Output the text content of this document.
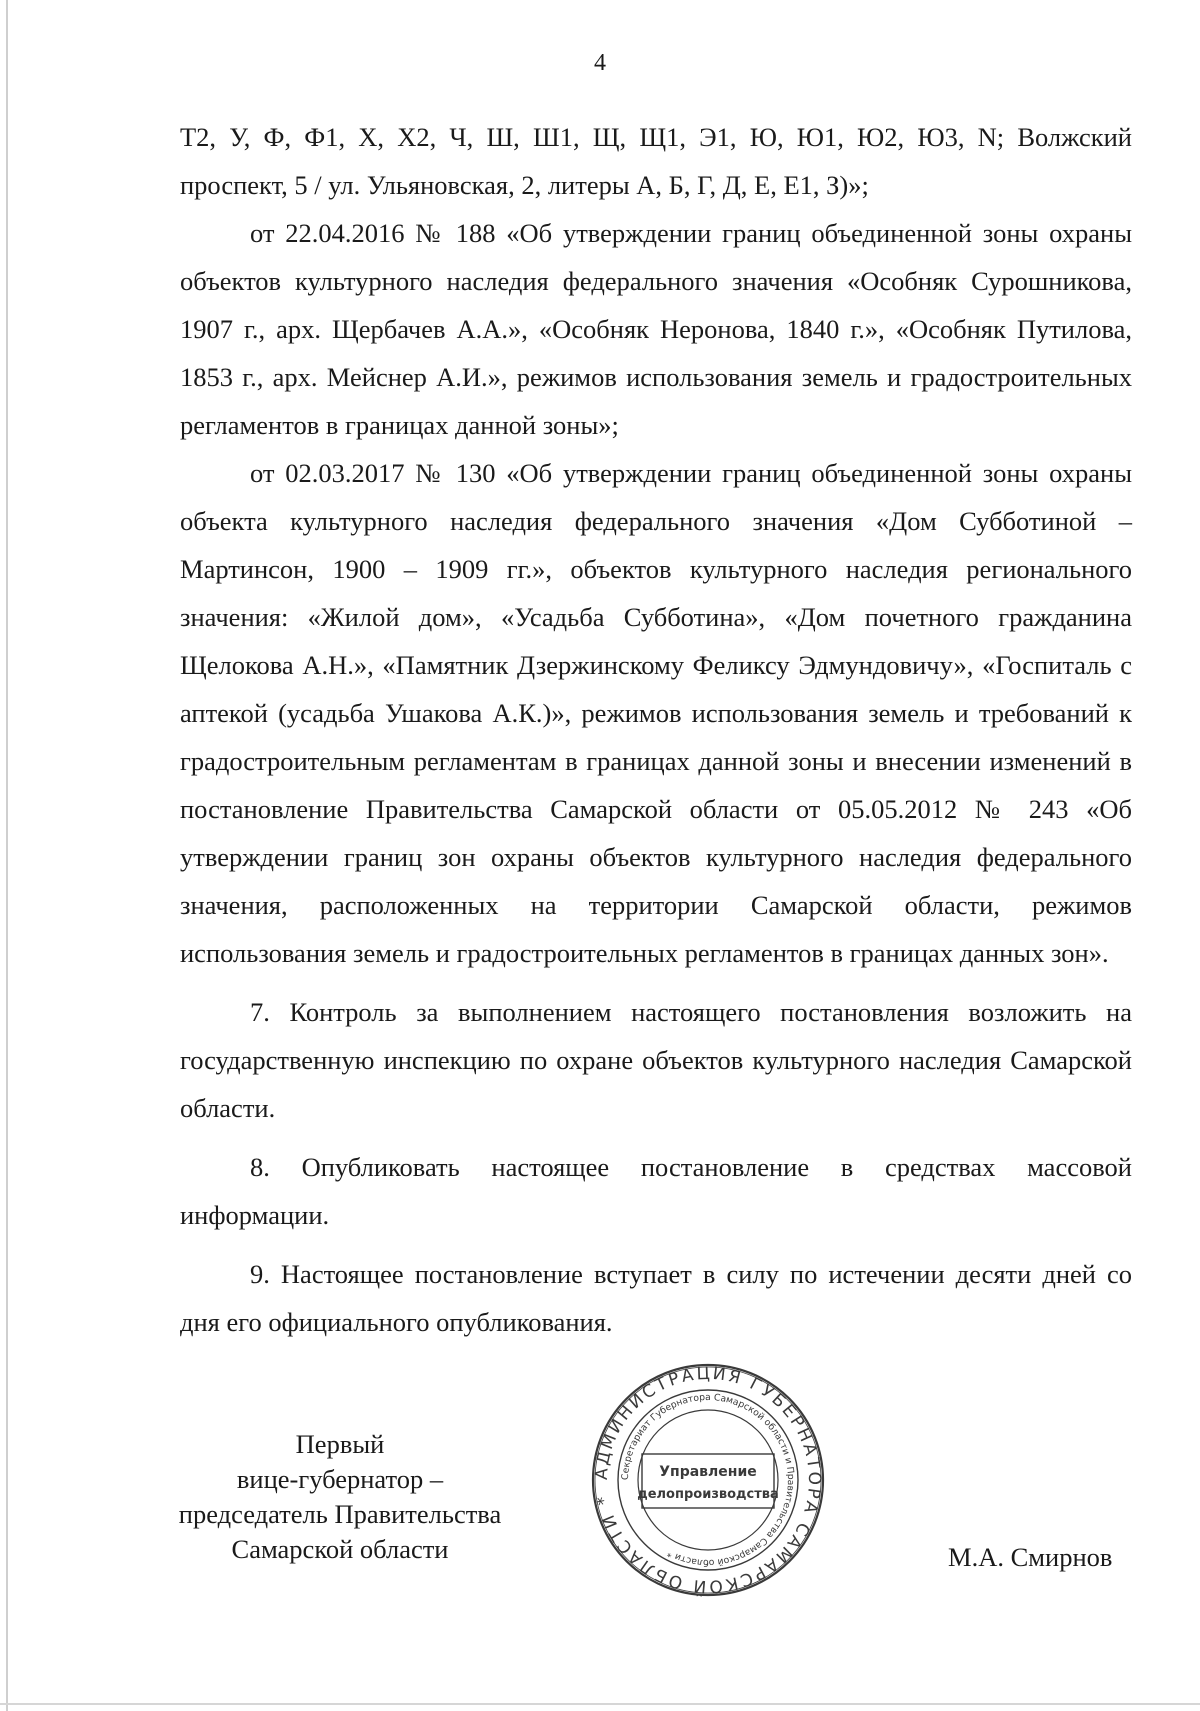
4

Т2, У, Ф, Ф1, Х, Х2, Ч, Ш, Ш1, Щ, Щ1, Э1, Ю, Ю1, Ю2, Ю3, N; Волжский проспект, 5 / ул. Ульяновская, 2, литеры А, Б, Г, Д, Е, Е1, З)»;

от 22.04.2016 № 188 «Об утверждении границ объединенной зоны охраны объектов культурного наследия федерального значения «Особняк Сурошникова, 1907 г., арх. Щербачев А.А.», «Особняк Неронова, 1840 г.», «Особняк Путилова, 1853 г., арх. Мейснер А.И.», режимов использования земель и градостроительных регламентов в границах данной зоны»;

от 02.03.2017 № 130 «Об утверждении границ объединенной зоны охраны объекта культурного наследия федерального значения «Дом Субботиной – Мартинсон, 1900 – 1909 гг.», объектов культурного наследия регионального значения: «Жилой дом», «Усадьба Субботина», «Дом почетного гражданина Щелокова А.Н.», «Памятник Дзержинскому Феликсу Эдмундовичу», «Госпиталь с аптекой (усадьба Ушакова А.К.)», режимов использования земель и требований к градостроительным регламентам в границах данной зоны и внесении изменений в постановление Правительства Самарской области от 05.05.2012 № 243 «Об утверждении границ зон охраны объектов культурного наследия федерального значения, расположенных на территории Самарской области, режимов использования земель и градостроительных регламентов в границах данных зон».

7. Контроль за выполнением настоящего постановления возложить на государственную инспекцию по охране объектов культурного наследия Самарской области.

8. Опубликовать настоящее постановление в средствах массовой информации.

9. Настоящее постановление вступает в силу по истечении десяти дней со дня его официального опубликования.

Первый
вице-губернатор –
председатель Правительства
Самарской области
АДМИНИСТРАЦИЯ ГУБЕРНАТОРА САМАРСКОЙ ОБЛАСТИ *
Секретариат Губернатора Самарской области и Правительства Самарской области *
Управление
делопроизводства
М.А. Смирнов
